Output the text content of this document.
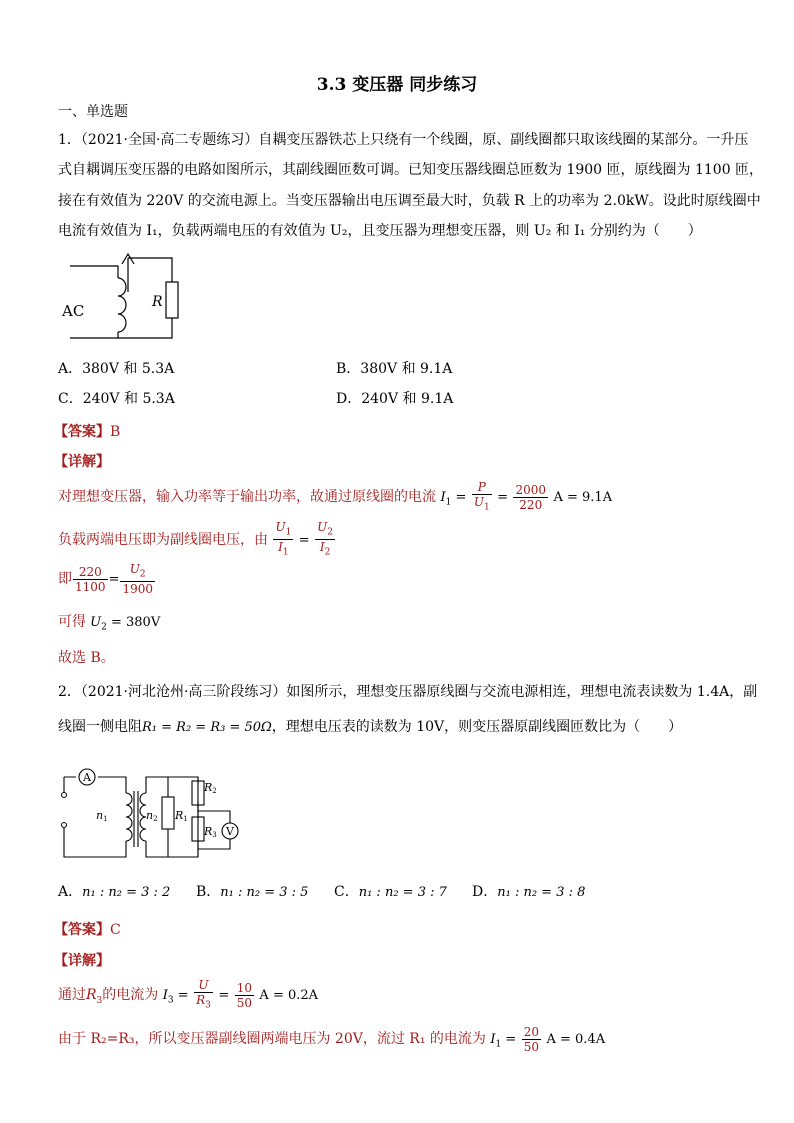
3.3 变压器 同步练习
一、单选题
1．（2021·全国·高二专题练习）自耦变压器铁芯上只绕有一个线圈，原、副线圈都只取该线圈的某部分。一升压
式自耦调压变压器的电路如图所示，其副线圈匝数可调。已知变压器线圈总匝数为 1900 匝，原线圈为 1100 匝，
接在有效值为 220V 的交流电源上。当变压器输出电压调至最大时，负载 R 上的功率为 2.0kW。设此时原线圈中
电流有效值为 I₁，负载两端电压的有效值为 U₂，且变压器为理想变压器，则 U₂ 和 I₁ 分别约为（　　）
AC	R
A．380V 和 5.3A	B．380V 和 9.1A
C．240V 和 5.3A	D．240V 和 9.1A
【答案】B
【详解】
对理想变压器，输入功率等于输出功率，故通过原线圈的电流 $I_1 = \frac{P}{U_1} = \frac{2000}{220}$ A = 9.1A
负载两端电压即为副线圈电压，由 $\frac{U_1}{I_1} = \frac{U_2}{I_2}$
即 $\frac{220}{1100} = \frac{U_2}{1900}$
可得 $U_2 = 380V$
故选 B。
2．（2021·河北沧州·高三阶段练习）如图所示，理想变压器原线圈与交流电源相连，理想电流表读数为 1.4A，副
线圈一侧电阻R₁ = R₂ = R₃ = 50Ω，理想电压表的读数为 10V，则变压器原副线圈匝数比为（　　）
A
V
n1	n2 R1
R2
R3
A．n₁ : n₂ = 3 : 2 B．n₁ : n₂ = 3 : 5 C．n₁ : n₂ = 3 : 7 D．n₁ : n₂ = 3 : 8
【答案】C
【详解】
通过$R_3$的电流为 $I_3 = \frac{U}{R_3} = \frac{10}{50}$ A = 0.2A
由于 R₂=R₃，所以变压器副线圈两端电压为 20V，流过 R₁ 的电流为 $I_1 = \frac{20}{50}$ A = 0.4A
